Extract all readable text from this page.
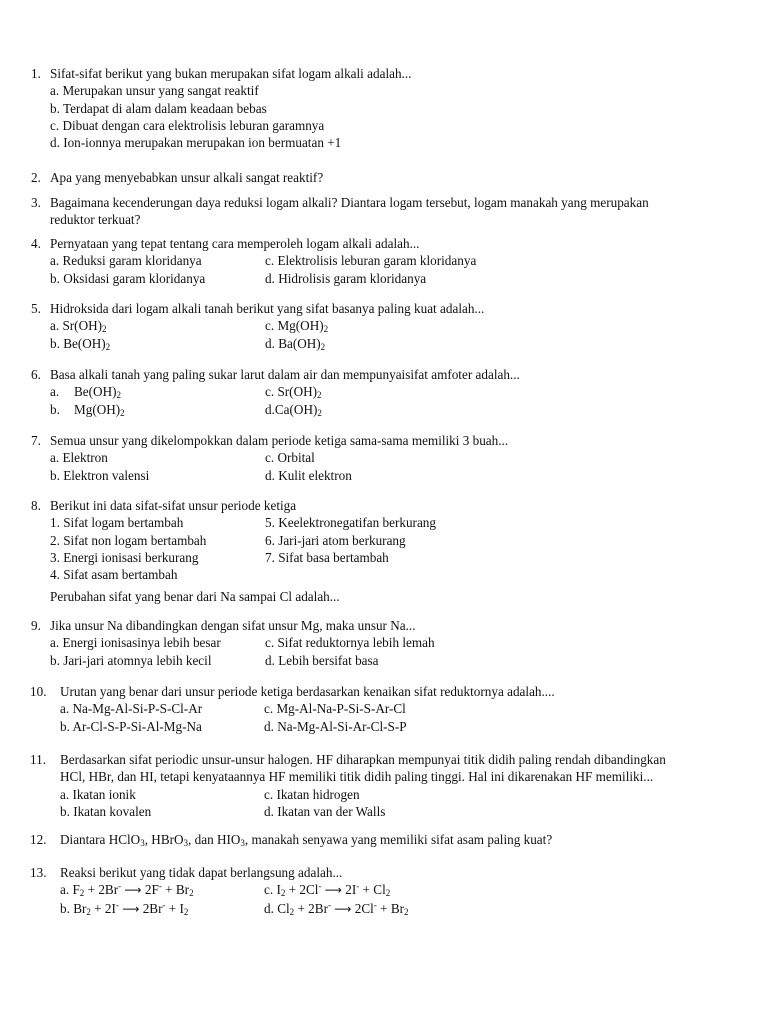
1. Sifat-sifat berikut yang bukan merupakan sifat logam alkali adalah...
a. Merupakan unsur yang sangat reaktif
b. Terdapat di alam dalam keadaan bebas
c. Dibuat dengan cara elektrolisis leburan garamnya
d. Ion-ionnya merupakan merupakan ion bermuatan +1
2. Apa yang menyebabkan unsur alkali sangat reaktif?
3. Bagaimana kecenderungan daya reduksi logam alkali? Diantara logam tersebut, logam manakah yang merupakan
reduktor terkuat?
4. Pernyataan yang tepat tentang cara memperoleh logam alkali adalah...
a. Reduksi garam kloridanya	c. Elektrolisis leburan garam kloridanya
b. Oksidasi garam kloridanya	d. Hidrolisis garam kloridanya
5. Hidroksida dari logam alkali tanah berikut yang sifat basanya paling kuat adalah...
a. $Sr(OH)_2$	c. $Mg(OH)_2$
b. $Be(OH)_2$	d. $Ba(OH)_2$
6. Basa alkali tanah yang paling sukar larut dalam air dan mempunyaisifat amfoter adalah...
a. $Be(OH)_2$	c. $Sr(OH)_2$
b. $Mg(OH)_2$	$d.Ca(OH)_2$
7. Semua unsur yang dikelompokkan dalam periode ketiga sama-sama memiliki 3 buah...
a. Elektron	c. Orbital
b. Elektron valensi	d. Kulit elektron
8. Berikut ini data sifat-sifat unsur periode ketiga
1. Sifat logam bertambah	5. Keelektronegatifan berkurang
2. Sifat non logam bertambah	6. Jari-jari atom berkurang
3. Energi ionisasi berkurang	7. Sifat basa bertambah
4. Sifat asam bertambah
Perubahan sifat yang benar dari Na sampai Cl adalah...
9. Jika unsur Na dibandingkan dengan sifat unsur Mg, maka unsur Na...
a. Energi ionisasinya lebih besar	c. Sifat reduktornya lebih lemah
b. Jari-jari atomnya lebih kecil	d. Lebih bersifat basa
10. Urutan yang benar dari unsur periode ketiga berdasarkan kenaikan sifat reduktornya adalah....
a. Na-Mg-Al-Si-P-S-Cl-Ar	c. Mg-Al-Na-P-Si-S-Ar-Cl
b. Ar-Cl-S-P-Si-Al-Mg-Na	d. Na-Mg-Al-Si-Ar-Cl-S-P
11. Berdasarkan sifat periodic unsur-unsur halogen. HF diharapkan mempunyai titik didih paling rendah dibandingkan
HCl, HBr, dan HI, tetapi kenyataannya HF memiliki titik didih paling tinggi. Hal ini dikarenakan HF memiliki...
a. Ikatan ionik	c. Ikatan hidrogen
b. Ikatan kovalen	d. Ikatan van der Walls
12. Diantara HClO$_3$, HBrO$_3$, dan $HIO_3$, manakah senyawa yang memiliki sifat asam paling kuat?
13. Reaksi berikut yang tidak dapat berlangsung adalah...
a. $F_2 + 2Br^-$ ⟶ $2F^- + Br_2$	c. $I_2 + 2Cl^-$ ⟶ $2I^- + Cl_2$
b. $Br_2 + 2I^-$ ⟶ $2Br^- + I_2$	d. $Cl_2 + 2Br^-$ ⟶ $2Cl^- + Br_2$
